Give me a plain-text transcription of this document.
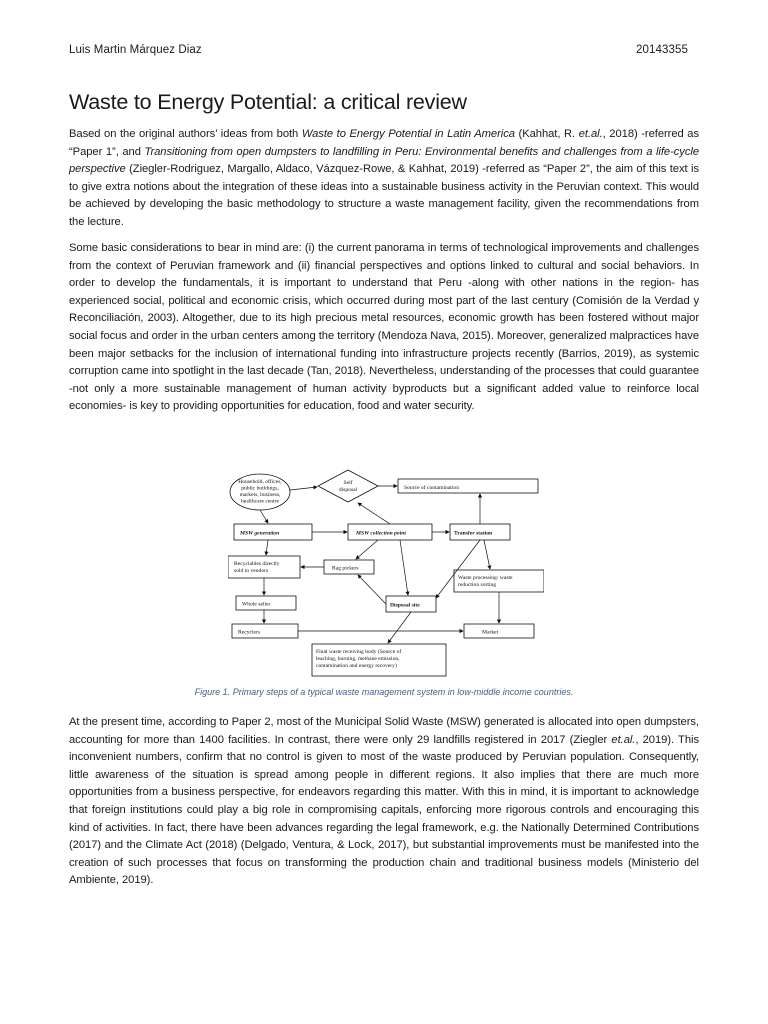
Luis Martin Márquez Diaz	20143355
Waste to Energy Potential: a critical review

Based on the original authors’ ideas from both Waste to Energy Potential in Latin America (Kahhat, R. et.al., 2018) -referred as “Paper 1”, and Transitioning from open dumpsters to landfilling in Peru: Environmental benefits and challenges from a life-cycle perspective (Ziegler-Rodriguez, Margallo, Aldaco, Vázquez-Rowe, & Kahhat, 2019) -referred as “Paper 2”, the aim of this text is to give extra notions about the integration of these ideas into a sustainable business activity in the Peruvian context. This would be achieved by developing the basic methodology to structure a waste management facility, given the recommendations from the lecture.

Some basic considerations to bear in mind are: (i) the current panorama in terms of technological improvements and challenges from the context of Peruvian framework and (ii) financial perspectives and options linked to cultural and social behaviors. In order to develop the fundamentals, it is important to understand that Peru -along with other nations in the region- has experienced social, political and economic crisis, which occurred during most part of the last century (Comisión de la Verdad y Reconciliación, 2003). Altogether, due to its high precious metal resources, economic growth has been fostered without major social focus and order in the urban centers among the territory (Mendoza Nava, 2015). Moreover, generalized malpractices have been major setbacks for the inclusion of international funding into infrastructure projects recently (Barrios, 2019), as systemic corruption came into spotlight in the last decade (Tan, 2018). Nevertheless, understanding of the processes that could guarantee -not only a more sustainable management of human activity byproducts but a significant added value to reinforce local economies- is key to providing opportunities for education, food and water security.

Household, offices,
public buildings,
markets, business,
healthcare centre
Self
disposal	Source of contamination
MSW generation	MSW collection point	Transfer station
Recyclables directly
sold to vendors	Rag pickers
Waste processing/ waste
reduction sorting
Whole seller	Disposal site
Recyclers	Market
Final waste receiving body (Source of
leaching, burning, methane emission,
contamination and energy recovery)
Figure 1. Primary steps of a typical waste management system in low-middle income countries.

At the present time, according to Paper 2, most of the Municipal Solid Waste (MSW) generated is allocated into open dumpsters, accounting for more than 1400 facilities. In contrast, there were only 29 landfills registered in 2017 (Ziegler et.al., 2019). This inconvenient numbers, confirm that no control is given to most of the waste produced by Peruvian population. Consequently, little awareness of the situation is spread among people in different regions. It also implies that there are much more opportunities from a business perspective, for endeavors regarding this matter. With this in mind, it is important to acknowledge that foreign institutions could play a big role in compromising capitals, enforcing more rigorous controls and encouraging this kind of activities. In fact, there have been advances regarding the legal framework, e.g. the Nationally Determined Contributions (2017) and the Climate Act (2018) (Delgado, Ventura, & Lock, 2017), but substantial improvements must be manifested into the creation of such processes that focus on transforming the production chain and traditional business models (Ministerio del Ambiente, 2019).
